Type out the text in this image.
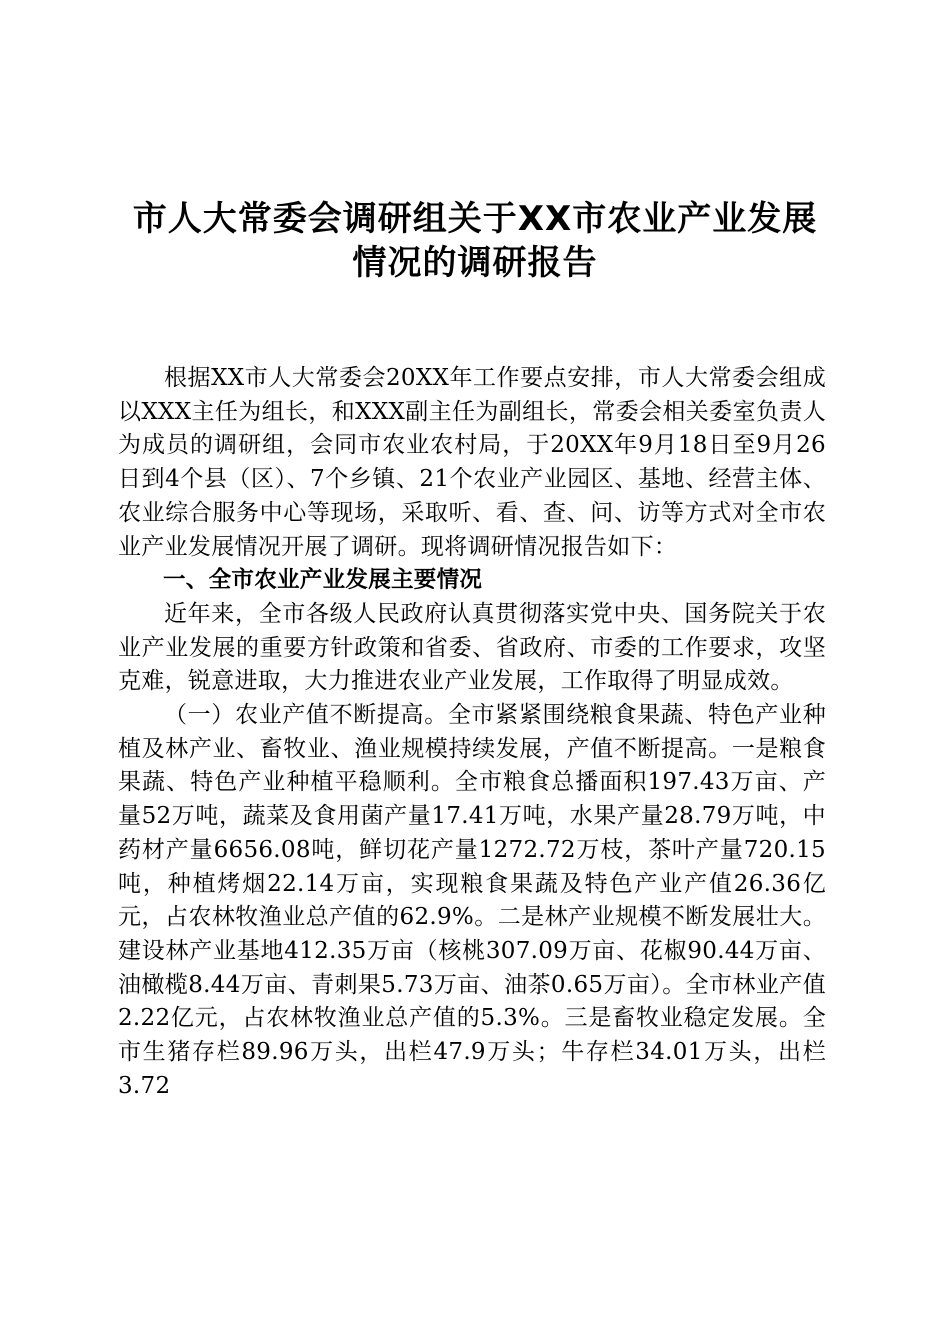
市人大常委会调研组关于XX市农业产业发展
情况的调研报告

根据XX市人大常委会20XX年工作要点安排，市人大常委会组成以XXX主任为组长，和XXX副主任为副组长，常委会相关委室负责人为成员的调研组，会同市农业农村局，于20XX年9月18日至9月26日到4个县（区）、7个乡镇、21个农业产业园区、基地、经营主体、农业综合服务中心等现场，采取听、看、查、问、访等方式对全市农业产业发展情况开展了调研。现将调研情况报告如下：

一、全市农业产业发展主要情况

近年来，全市各级人民政府认真贯彻落实党中央、国务院关于农业产业发展的重要方针政策和省委、省政府、市委的工作要求，攻坚克难，锐意进取，大力推进农业产业发展，工作取得了明显成效。

（一）农业产值不断提高。全市紧紧围绕粮食果蔬、特色产业种植及林产业、畜牧业、渔业规模持续发展，产值不断提高。一是粮食果蔬、特色产业种植平稳顺利。全市粮食总播面积197.43万亩、产量52万吨，蔬菜及食用菌产量17.41万吨，水果产量28.79万吨，中药材产量6656.08吨，鲜切花产量1272.72万枝，茶叶产量720.15吨，种植烤烟22.14万亩，实现粮食果蔬及特色产业产值26.36亿元，占农林牧渔业总产值的62.9%。二是林产业规模不断发展壮大。建设林产业基地412.35万亩（核桃307.09万亩、花椒90.44万亩、油橄榄8.44万亩、青刺果5.73万亩、油茶0.65万亩）。全市林业产值2.22亿元，占农林牧渔业总产值的5.3%。三是畜牧业稳定发展。全市生猪存栏89.96万头，出栏47.9万头；牛存栏34.01万头，出栏3.72
